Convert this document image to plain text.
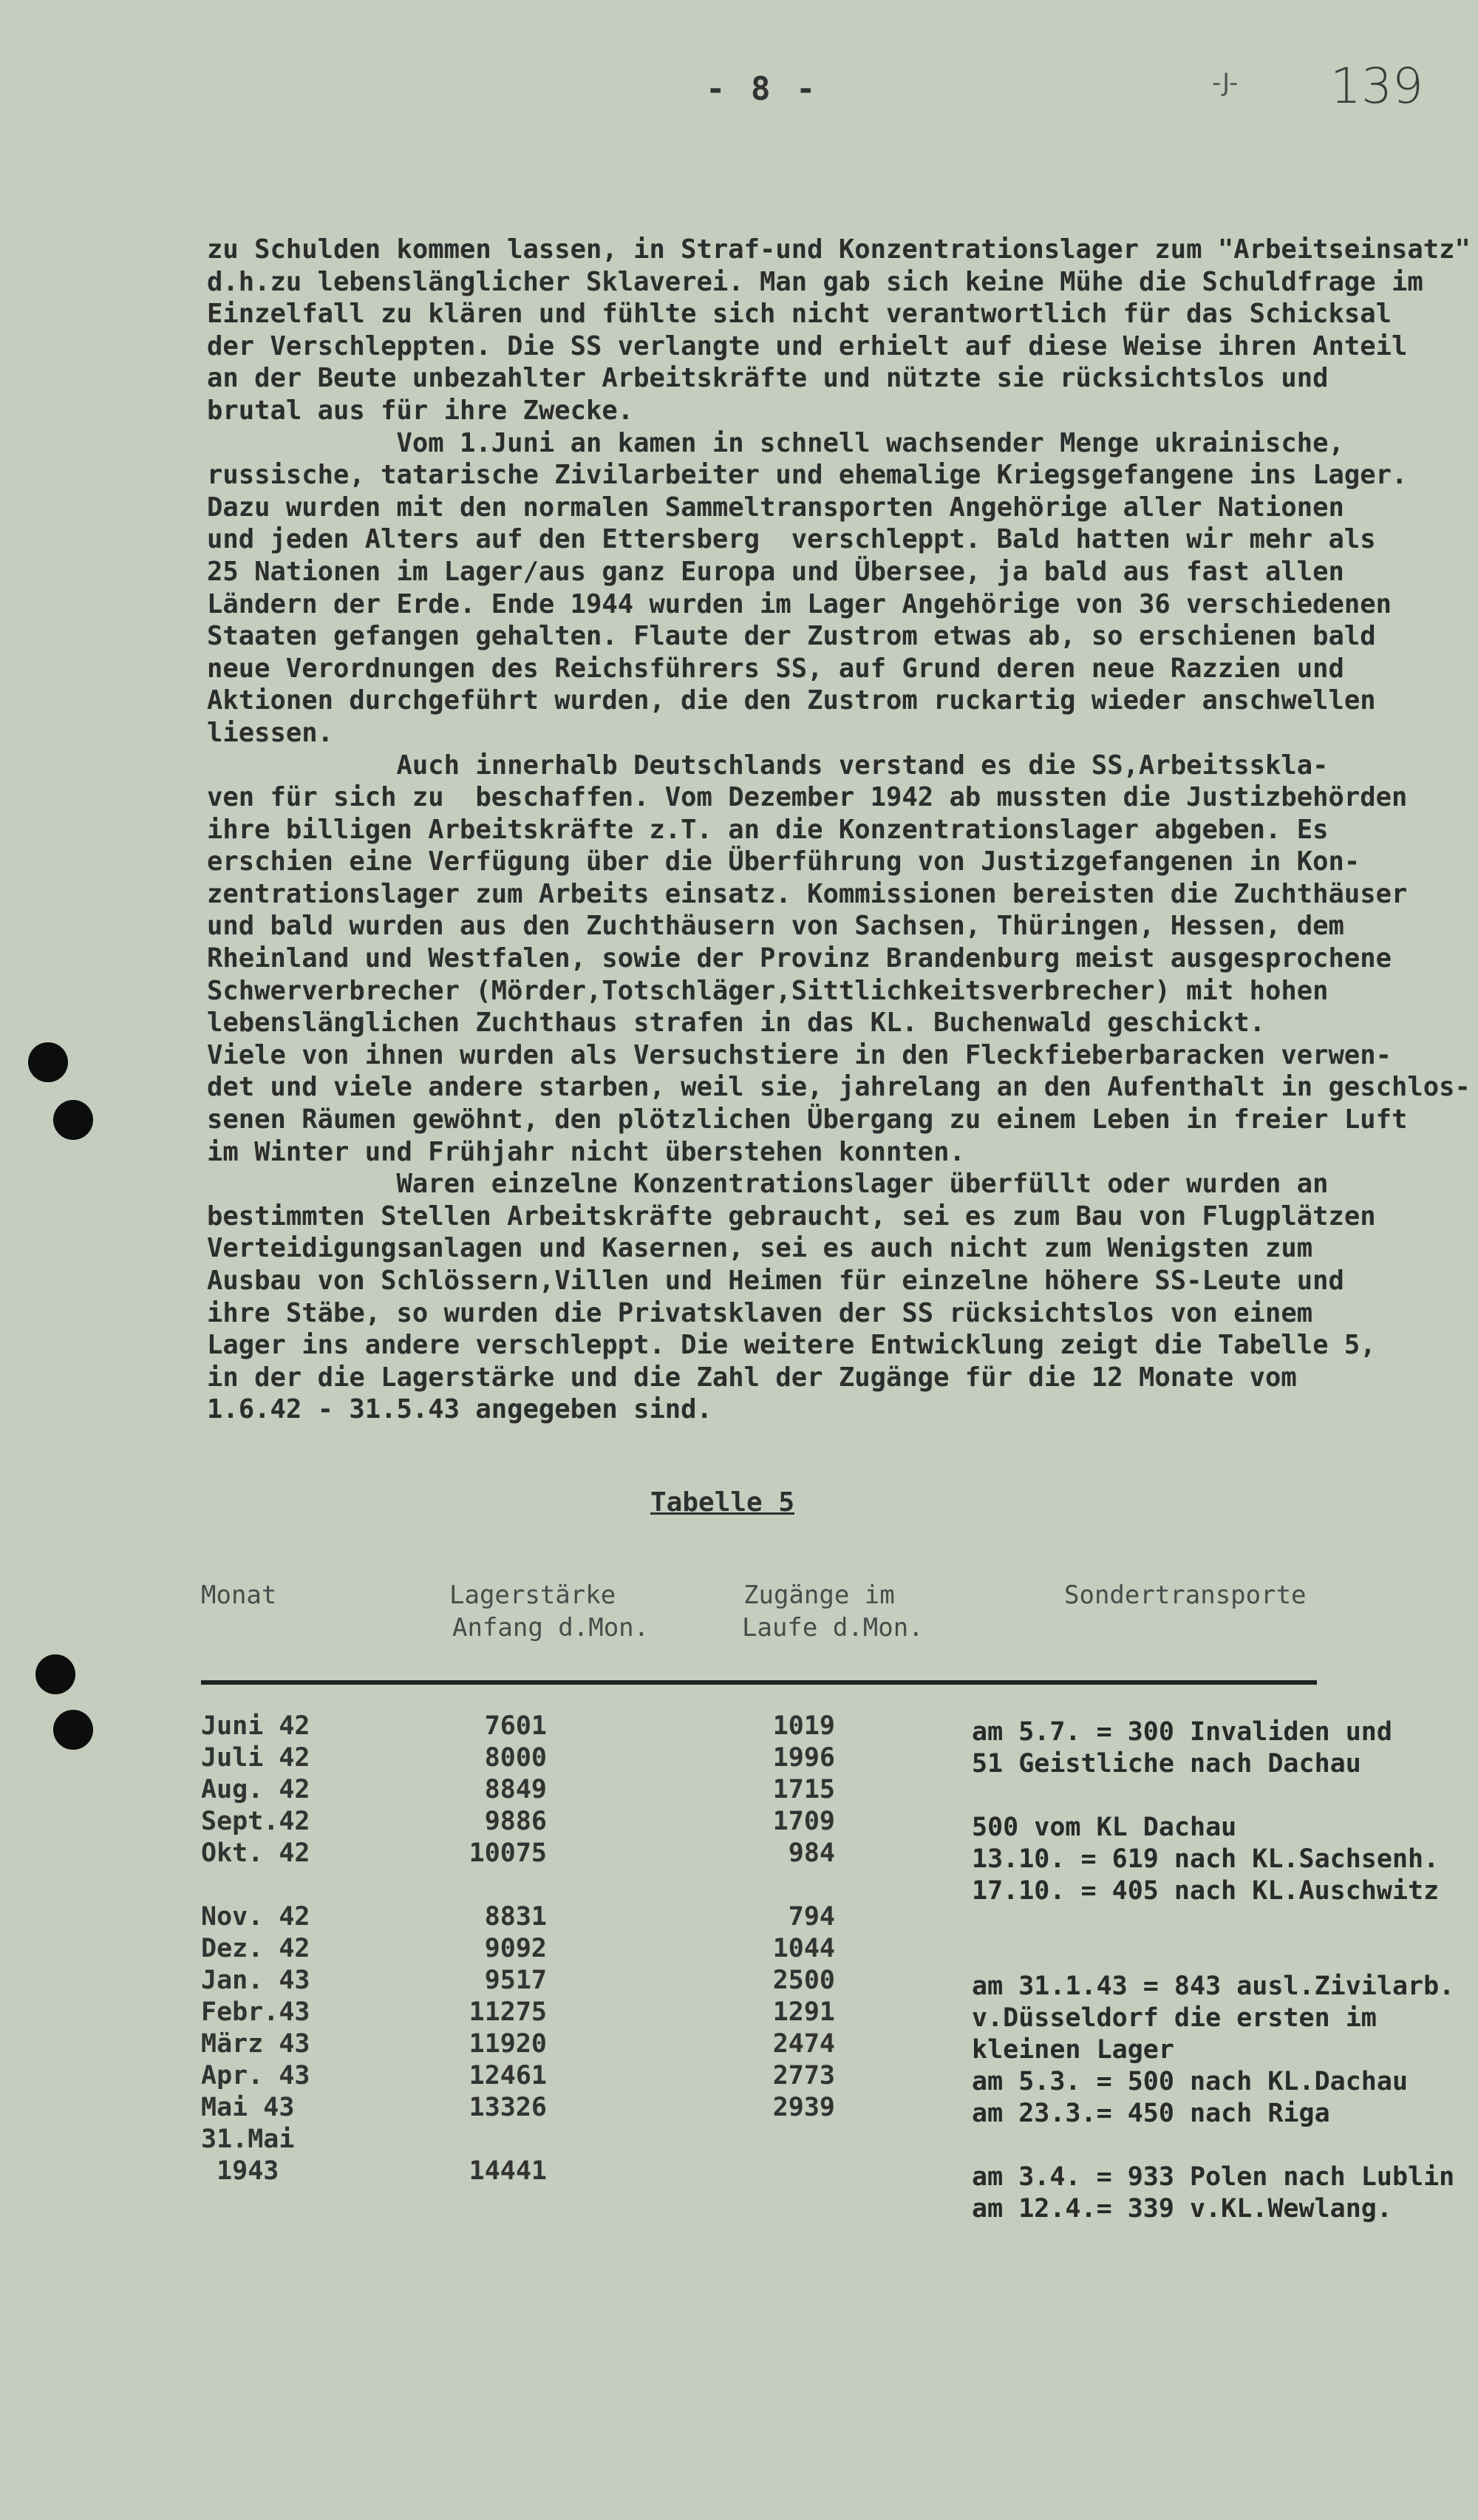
- 8 -	-J- 139
zu Schulden kommen lassen, in Straf-und Konzentrationslager zum "Arbeitseinsatz"
d.h.zu lebenslänglicher Sklaverei. Man gab sich keine Mühe die Schuldfrage im
Einzelfall zu klären und fühlte sich nicht verantwortlich für das Schicksal
der Verschleppten. Die SS verlangte und erhielt auf diese Weise ihren Anteil
an der Beute unbezahlter Arbeitskräfte und nützte sie rücksichtslos und
brutal aus für ihre Zwecke.
Vom 1.Juni an kamen in schnell wachsender Menge ukrainische,
russische, tatarische Zivilarbeiter und ehemalige Kriegsgefangene ins Lager.
Dazu wurden mit den normalen Sammeltransporten Angehörige aller Nationen
und jeden Alters auf den Ettersberg  verschleppt. Bald hatten wir mehr als
25 Nationen im Lager/aus ganz Europa und Übersee, ja bald aus fast allen
Ländern der Erde. Ende 1944 wurden im Lager Angehörige von 36 verschiedenen
Staaten gefangen gehalten. Flaute der Zustrom etwas ab, so erschienen bald
neue Verordnungen des Reichsführers SS, auf Grund deren neue Razzien und
Aktionen durchgeführt wurden, die den Zustrom ruckartig wieder anschwellen
liessen.
Auch innerhalb Deutschlands verstand es die SS,Arbeitsskla-
ven für sich zu  beschaffen. Vom Dezember 1942 ab mussten die Justizbehörden
ihre billigen Arbeitskräfte z.T. an die Konzentrationslager abgeben. Es
erschien eine Verfügung über die Überführung von Justizgefangenen in Kon-
zentrationslager zum Arbeits einsatz. Kommissionen bereisten die Zuchthäuser
und bald wurden aus den Zuchthäusern von Sachsen, Thüringen, Hessen, dem
Rheinland und Westfalen, sowie der Provinz Brandenburg meist ausgesprochene
Schwerverbrecher (Mörder,Totschläger,Sittlichkeitsverbrecher) mit hohen
lebenslänglichen Zuchthaus strafen in das KL. Buchenwald geschickt.
Viele von ihnen wurden als Versuchstiere in den Fleckfieberbaracken verwen-
det und viele andere starben, weil sie, jahrelang an den Aufenthalt in geschlos-
senen Räumen gewöhnt, den plötzlichen Übergang zu einem Leben in freier Luft
im Winter und Frühjahr nicht überstehen konnten.
Waren einzelne Konzentrationslager überfüllt oder wurden an
bestimmten Stellen Arbeitskräfte gebraucht, sei es zum Bau von Flugplätzen
Verteidigungsanlagen und Kasernen, sei es auch nicht zum Wenigsten zum
Ausbau von Schlössern,Villen und Heimen für einzelne höhere SS-Leute und
ihre Stäbe, so wurden die Privatsklaven der SS rücksichtslos von einem
Lager ins andere verschleppt. Die weitere Entwicklung zeigt die Tabelle 5,
in der die Lagerstärke und die Zahl der Zugänge für die 12 Monate vom
1.6.42 - 31.5.43 angegeben sind.
Tabelle 5
Monat	Lagerstärke
Anfang d.Mon.
Zugänge im
Laufe d.Mon.
Sondertransporte
Juni 42
Juli 42
Aug. 42
Sept.42
Okt. 42
Nov. 42
Dez. 42
Jan. 43
Febr.43
März 43
Apr. 43
Mai 43
31.Mai
1943
7601
8000
8849
9886
10075
8831
9092
9517
11275
11920
12461
13326
14441
1019
1996
1715
1709
984
794
1044
2500
1291
2474
2773
2939
am 5.7. = 300 Invaliden und
51 Geistliche nach Dachau
500 vom KL Dachau
13.10. = 619 nach KL.Sachsenh.
17.10. = 405 nach KL.Auschwitz
am 31.1.43 = 843 ausl.Zivilarb.
v.Düsseldorf die ersten im
kleinen Lager
am 5.3. = 500 nach KL.Dachau
am 23.3.= 450 nach Riga
am 3.4. = 933 Polen nach Lublin
am 12.4.= 339 v.KL.Wewlang.
